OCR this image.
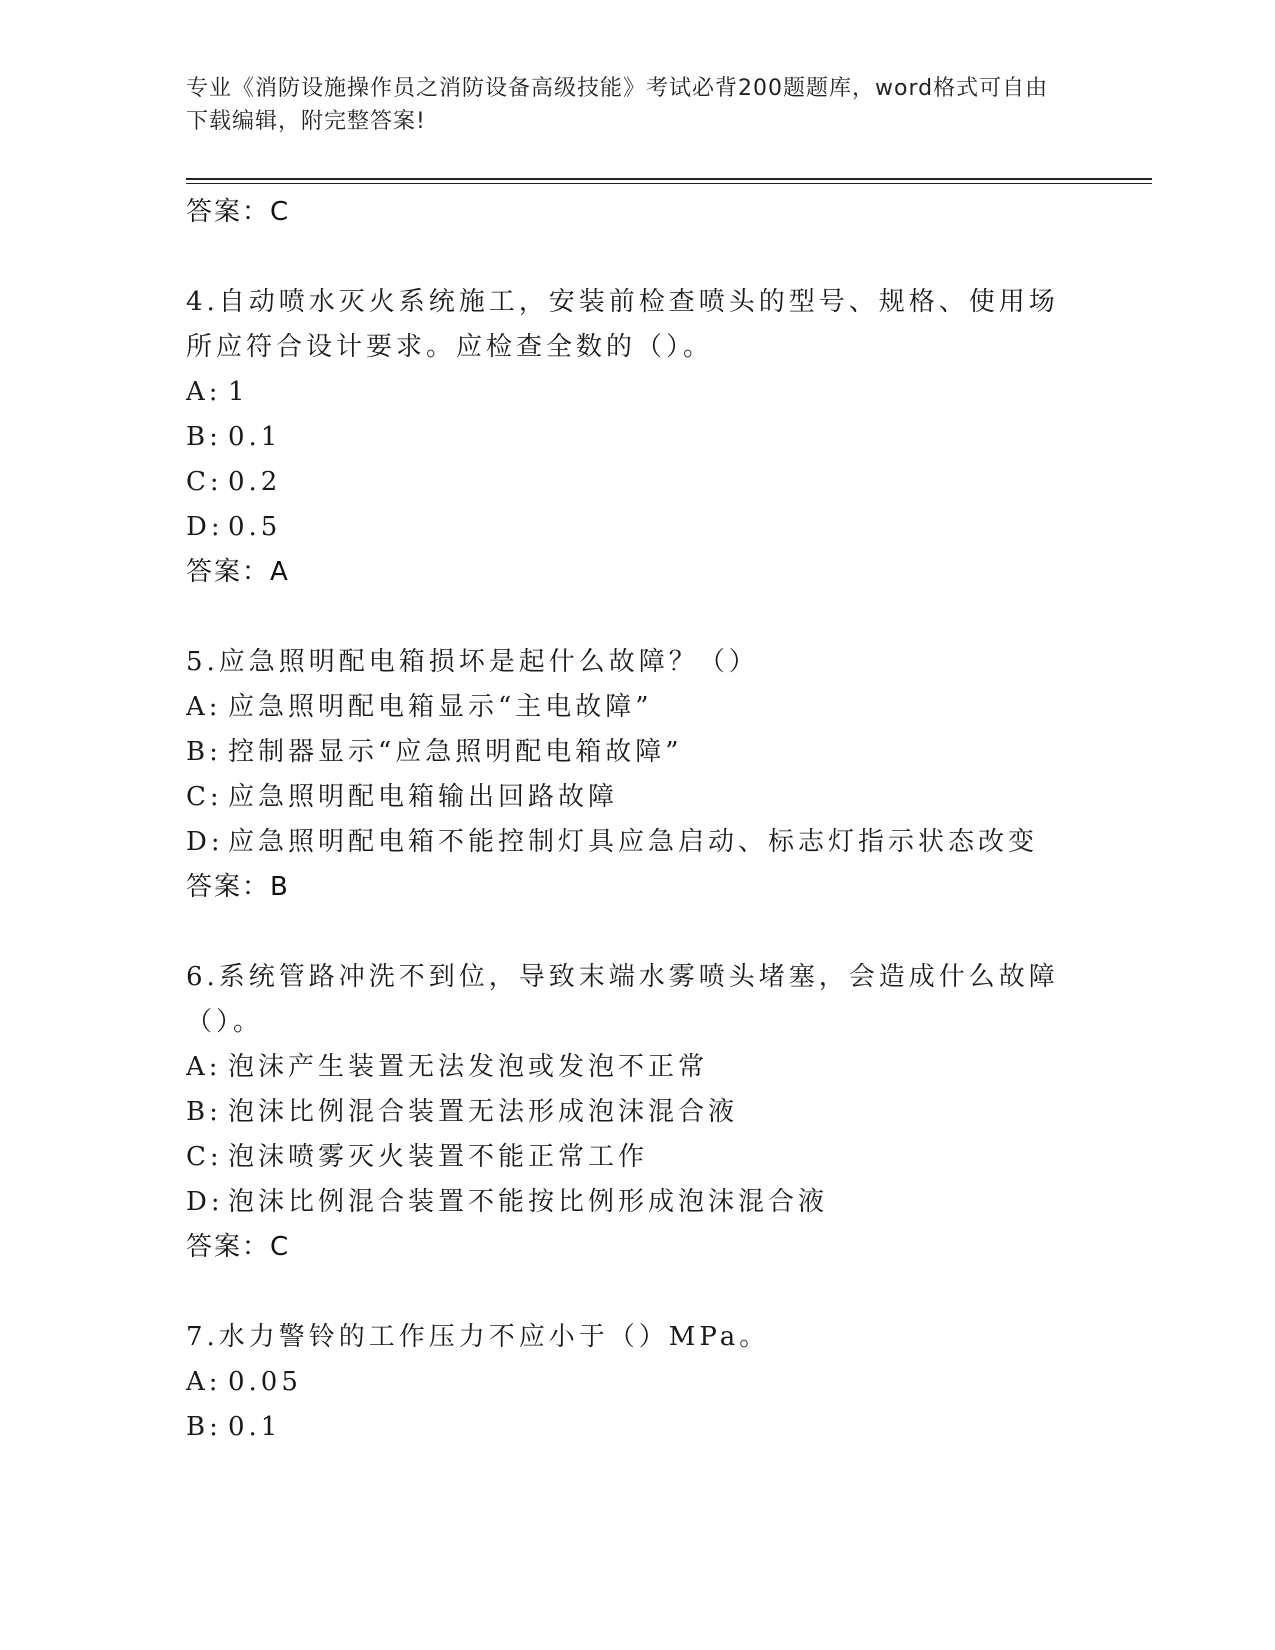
专业《消防设施操作员之消防设备高级技能》考试必背200题题库，word格式可自由下载编辑，附完整答案!
答案：C
4.自动喷水灭火系统施工，安装前检查喷头的型号、规格、使用场所应符合设计要求。应检查全数的（）。
A: 1
B: 0.1
C: 0.2
D: 0.5
答案：A
5.应急照明配电箱损坏是起什么故障？（）
A: 应急照明配电箱显示“主电故障”
B: 控制器显示“应急照明配电箱故障”
C: 应急照明配电箱输出回路故障
D: 应急照明配电箱不能控制灯具应急启动、标志灯指示状态改变
答案：B
6.系统管路冲洗不到位，导致末端水雾喷头堵塞，会造成什么故障（）。
A: 泡沫产生装置无法发泡或发泡不正常
B: 泡沫比例混合装置无法形成泡沫混合液
C: 泡沫喷雾灭火装置不能正常工作
D: 泡沫比例混合装置不能按比例形成泡沫混合液
答案：C
7.水力警铃的工作压力不应小于（）MPa。
A: 0.05
B: 0.1
